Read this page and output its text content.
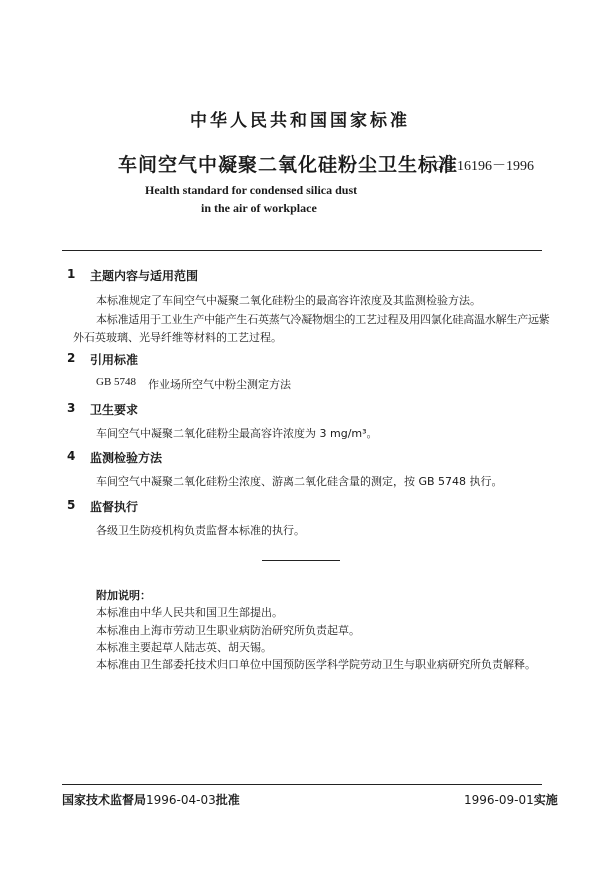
中华人民共和国国家标准
车间空气中凝聚二氧化硅粉尘卫生标准
GB 16196－1996
Health standard for condensed silica dust
in the air of workplace
1 主题内容与适用范围
本标准规定了车间空气中凝聚二氧化硅粉尘的最高容许浓度及其监测检验方法。
本标准适用于工业生产中能产生石英蒸气冷凝物烟尘的工艺过程及用四氯化硅高温水解生产远紫
外石英玻璃、光导纤维等材料的工艺过程。
2 引用标准
GB 5748 作业场所空气中粉尘测定方法
3 卫生要求
车间空气中凝聚二氧化硅粉尘最高容许浓度为 3 mg/m³。
4 监测检验方法
车间空气中凝聚二氧化硅粉尘浓度、游离二氧化硅含量的测定，按 GB 5748 执行。
5 监督执行
各级卫生防疫机构负责监督本标准的执行。
附加说明：
本标准由中华人民共和国卫生部提出。
本标准由上海市劳动卫生职业病防治研究所负责起草。
本标准主要起草人陆志英、胡天锡。
本标准由卫生部委托技术归口单位中国预防医学科学院劳动卫生与职业病研究所负责解释。
国家技术监督局1996-04-03批准	1996-09-01实施
